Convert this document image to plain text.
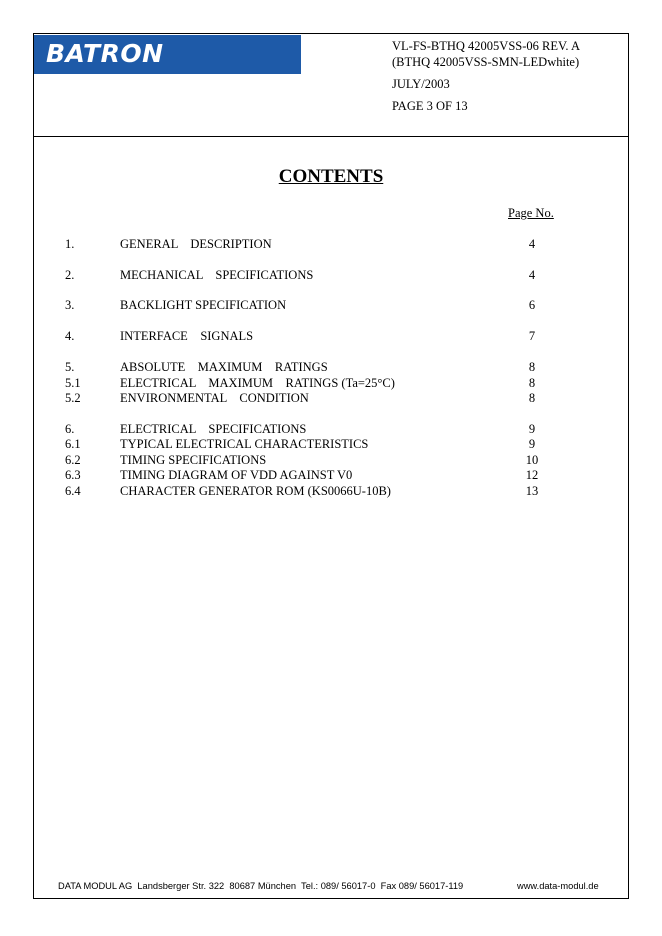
BATRON	VL-FS-BTHQ 42005VSS-06 REV. A
(BTHQ 42005VSS-SMN-LEDwhite)
JULY/2003
PAGE 3 OF 13
CONTENTS
Page No.
1.	GENERAL    DESCRIPTION	4
2.	MECHANICAL    SPECIFICATIONS	4
3.	BACKLIGHT SPECIFICATION	6
4.	INTERFACE    SIGNALS	7
5.	ABSOLUTE    MAXIMUM    RATINGS	8
5.1	ELECTRICAL    MAXIMUM    RATINGS (Ta=25°C)	8
5.2	ENVIRONMENTAL    CONDITION	8
6.	ELECTRICAL    SPECIFICATIONS	9
6.1	TYPICAL ELECTRICAL CHARACTERISTICS	9
6.2	TIMING SPECIFICATIONS	10
6.3	TIMING DIAGRAM OF VDD AGAINST V0	12
6.4	CHARACTER GENERATOR ROM (KS0066U-10B)	13
DATA MODUL AG  Landsberger Str. 322  80687 München  Tel.: 089/ 56017-0  Fax 089/ 56017-119	www.data-modul.de
